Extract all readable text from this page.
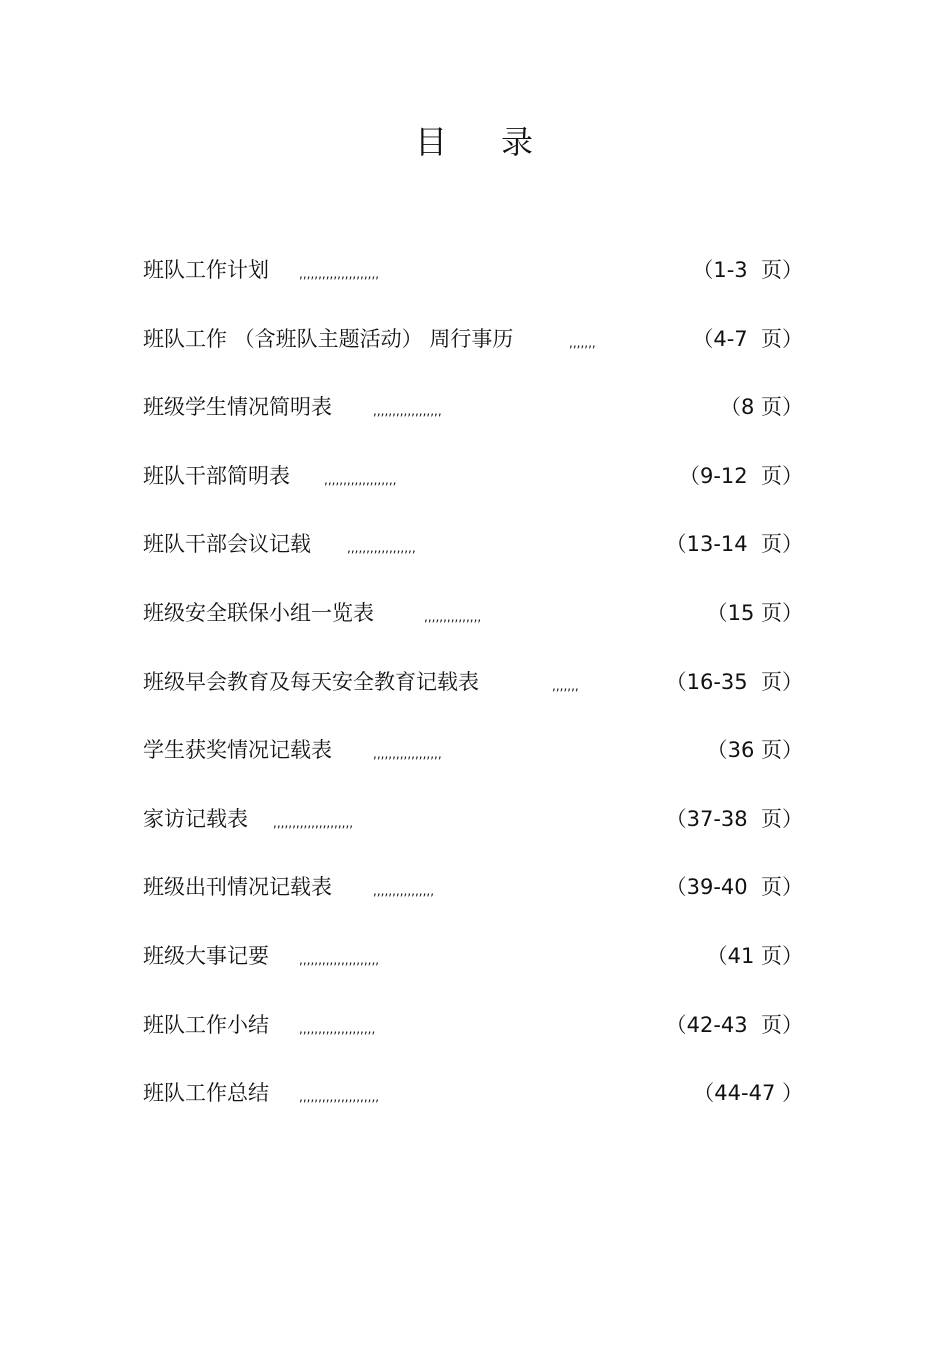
目 录
班队工作计划	,,,,,,,,,,,,,,,,,,,,,	（1-3  页）
班队工作 （含班队主题活动） 周行事历	,,,,,,,	（4-7  页）
班级学生情况简明表	,,,,,,,,,,,,,,,,,,	（8 页）
班队干部简明表	,,,,,,,,,,,,,,,,,,,	（9-12  页）
班队干部会议记载	,,,,,,,,,,,,,,,,,,	（13-14  页）
班级安全联保小组一览表	,,,,,,,,,,,,,,,	（15 页）
班级早会教育及每天安全教育记载表	,,,,,,,	（16-35  页）
学生获奖情况记载表	,,,,,,,,,,,,,,,,,,	（36 页）
家访记载表 ,,,,,,,,,,,,,,,,,,,,,	（37-38  页）
班级出刊情况记载表	,,,,,,,,,,,,,,,,	（39-40  页）
班级大事记要	,,,,,,,,,,,,,,,,,,,,,	（41 页）
班队工作小结	,,,,,,,,,,,,,,,,,,,,	（42-43  页）
班队工作总结	,,,,,,,,,,,,,,,,,,,,,	（44-47 ）
